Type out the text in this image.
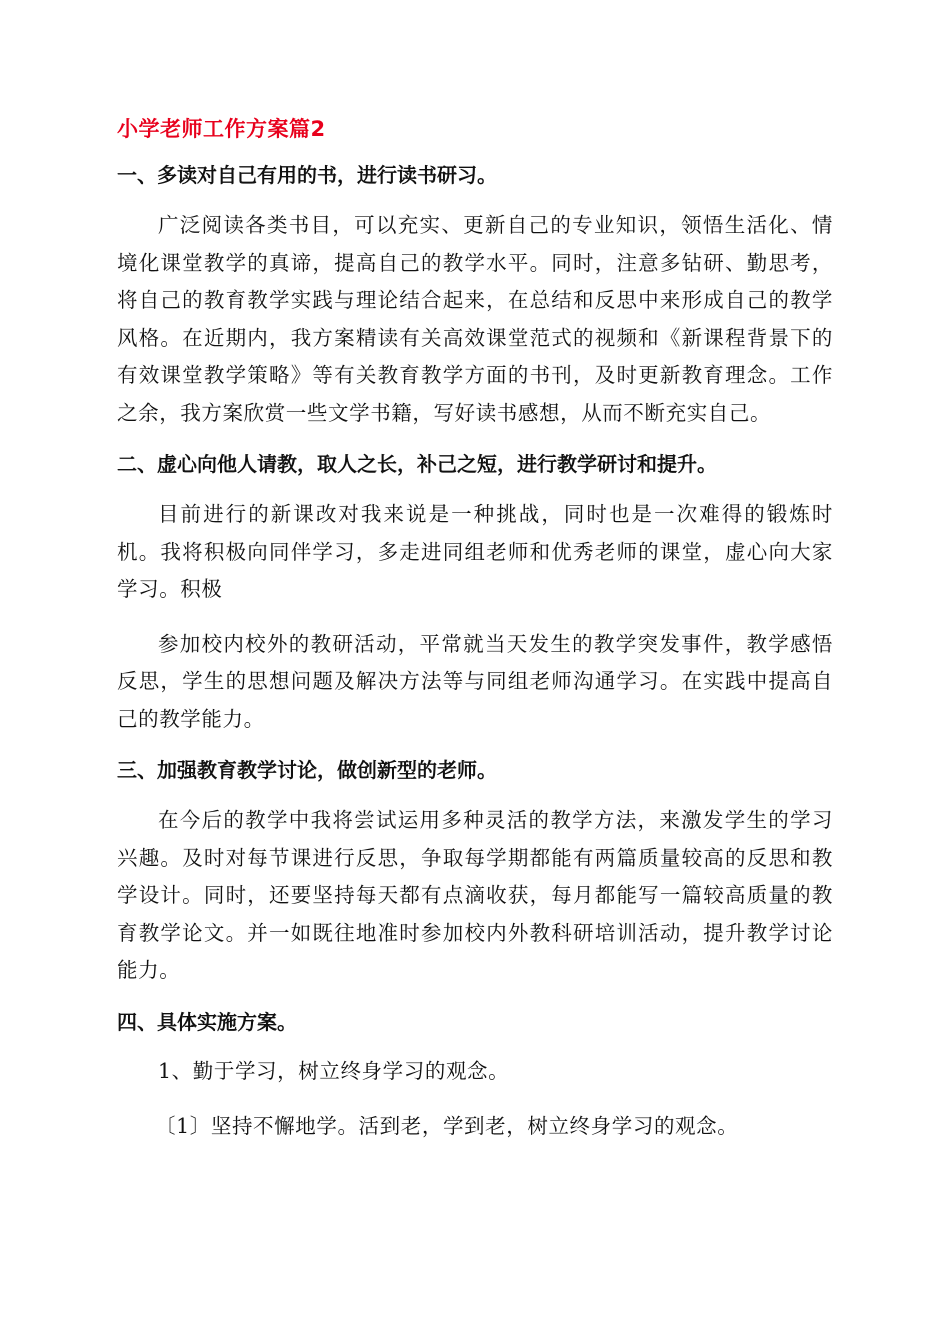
小学老师工作方案篇2
一、多读对自己有用的书，进行读书研习。

广泛阅读各类书目，可以充实、更新自己的专业知识，领悟生活化、情境化课堂教学的真谛，提高自己的教学水平。同时，注意多钻研、勤思考，将自己的教育教学实践与理论结合起来，在总结和反思中来形成自己的教学风格。在近期内，我方案精读有关高效课堂范式的视频和《新课程背景下的有效课堂教学策略》等有关教育教学方面的书刊，及时更新教育理念。工作之余，我方案欣赏一些文学书籍，写好读书感想，从而不断充实自己。

二、虚心向他人请教，取人之长，补己之短，进行教学研讨和提升。

目前进行的新课改对我来说是一种挑战，同时也是一次难得的锻炼时机。我将积极向同伴学习，多走进同组老师和优秀老师的课堂，虚心向大家学习。积极

参加校内校外的教研活动，平常就当天发生的教学突发事件，教学感悟反思，学生的思想问题及解决方法等与同组老师沟通学习。在实践中提高自己的教学能力。

三、加强教育教学讨论，做创新型的老师。

在今后的教学中我将尝试运用多种灵活的教学方法，来激发学生的学习兴趣。及时对每节课进行反思，争取每学期都能有两篇质量较高的反思和教学设计。同时，还要坚持每天都有点滴收获，每月都能写一篇较高质量的教育教学论文。并一如既往地准时参加校内外教科研培训活动，提升教学讨论能力。

四、具体实施方案。

1、勤于学习，树立终身学习的观念。

〔1〕坚持不懈地学。活到老，学到老，树立终身学习的观念。
